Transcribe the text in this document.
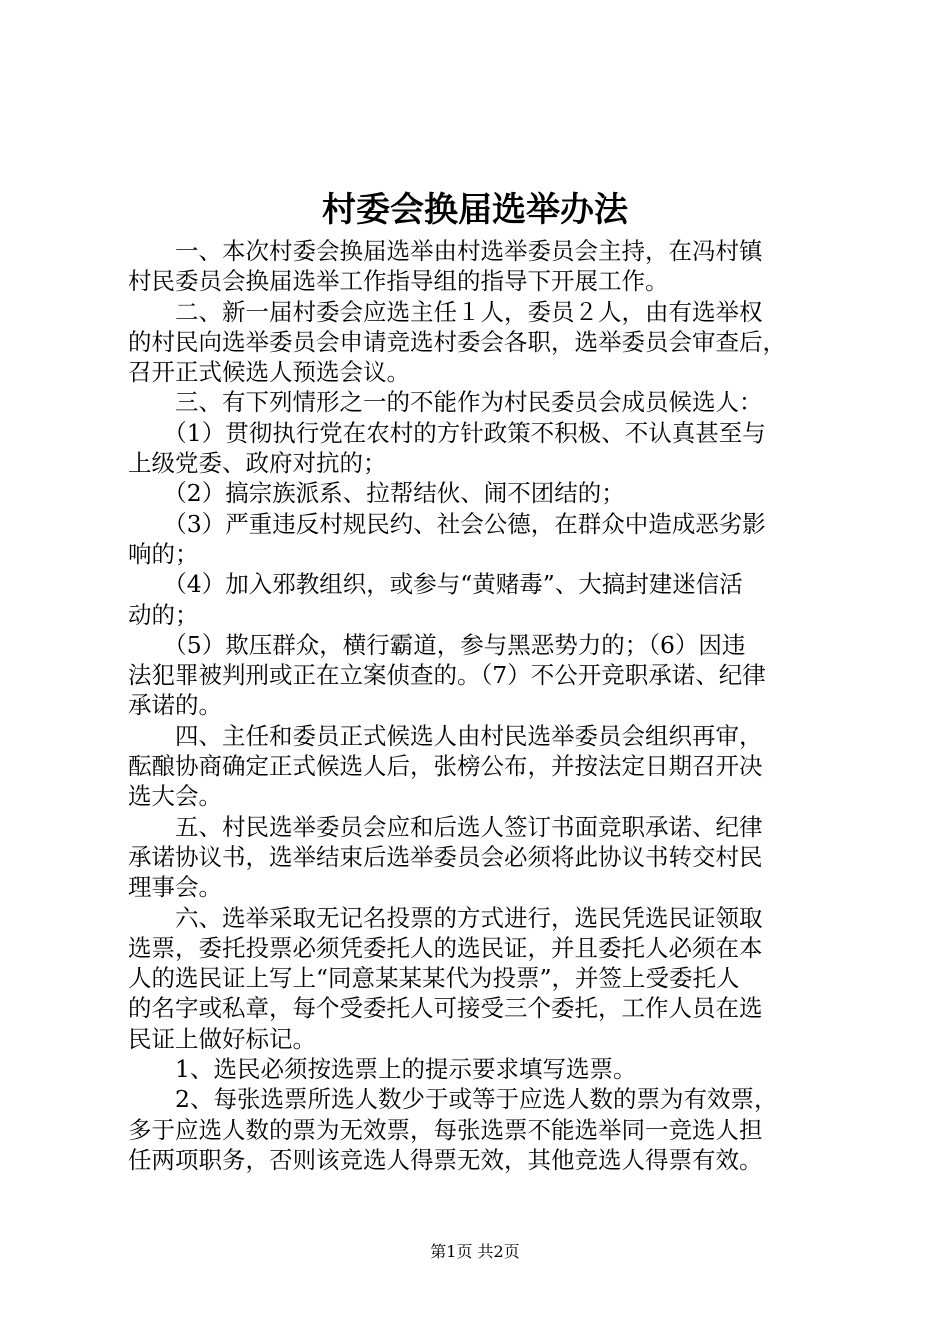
村委会换届选举办法
　　一、本次村委会换届选举由村选举委员会主持，在冯村镇
村民委员会换届选举工作指导组的指导下开展工作。
　　二、新一届村委会应选主任１人，委员２人，由有选举权
的村民向选举委员会申请竞选村委会各职，选举委员会审查后，
召开正式候选人预选会议。
　　三、有下列情形之一的不能作为村民委员会成员候选人：
　　（1）贯彻执行党在农村的方针政策不积极、不认真甚至与
上级党委、政府对抗的；
　　（2）搞宗族派系、拉帮结伙、闹不团结的；
　　（3）严重违反村规民约、社会公德，在群众中造成恶劣影
响的；
　　（4）加入邪教组织，或参与“黄赌毒”、大搞封建迷信活
动的；
　　（5）欺压群众，横行霸道，参与黑恶势力的；（6）因违
法犯罪被判刑或正在立案侦查的。（7）不公开竞职承诺、纪律
承诺的。
　　四、主任和委员正式候选人由村民选举委员会组织再审，
酝酿协商确定正式候选人后，张榜公布，并按法定日期召开决
选大会。
　　五、村民选举委员会应和后选人签订书面竞职承诺、纪律
承诺协议书，选举结束后选举委员会必须将此协议书转交村民
理事会。
　　六、选举采取无记名投票的方式进行，选民凭选民证领取
选票，委托投票必须凭委托人的选民证，并且委托人必须在本
人的选民证上写上“同意某某某代为投票”，并签上受委托人
的名字或私章，每个受委托人可接受三个委托，工作人员在选
民证上做好标记。
　　1、选民必须按选票上的提示要求填写选票。
　　2、每张选票所选人数少于或等于应选人数的票为有效票，
多于应选人数的票为无效票，每张选票不能选举同一竞选人担
任两项职务，否则该竞选人得票无效，其他竞选人得票有效。
第1页 共2页
